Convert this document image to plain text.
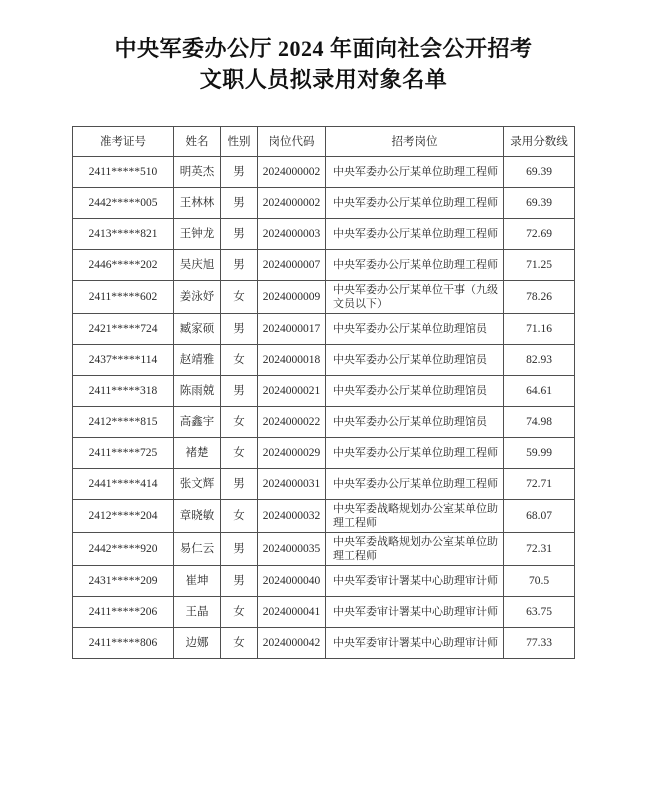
中央军委办公厅 2024 年面向社会公开招考
文职人员拟录用对象名单
准考证号	姓名	性别	岗位代码	招考岗位	录用分数线
2411*****510	明英杰	男	2024000002	中央军委办公厅某单位助理工程师	69.39
2442*****005	王林林	男	2024000002	中央军委办公厅某单位助理工程师	69.39
2413*****821	王钟龙	男	2024000003	中央军委办公厅某单位助理工程师	72.69
2446*****202	吴庆旭	男	2024000007	中央军委办公厅某单位助理工程师	71.25
2411*****602	姜泳妤	女	2024000009	中央军委办公厅某单位干事（九级文员以下）	78.26
2421*****724	臧家硕	男	2024000017	中央军委办公厅某单位助理馆员	71.16
2437*****114	赵靖雅	女	2024000018	中央军委办公厅某单位助理馆员	82.93
2411*****318	陈雨兢	男	2024000021	中央军委办公厅某单位助理馆员	64.61
2412*****815	高鑫宇	女	2024000022	中央军委办公厅某单位助理馆员	74.98
2411*****725	褚楚	女	2024000029	中央军委办公厅某单位助理工程师	59.99
2441*****414	张文辉	男	2024000031	中央军委办公厅某单位助理工程师	72.71
2412*****204	章晓敏	女	2024000032	中央军委战略规划办公室某单位助理工程师	68.07
2442*****920	易仁云	男	2024000035	中央军委战略规划办公室某单位助理工程师	72.31
2431*****209	崔坤	男	2024000040	中央军委审计署某中心助理审计师	70.5
2411*****206	王晶	女	2024000041	中央军委审计署某中心助理审计师	63.75
2411*****806	边娜	女	2024000042	中央军委审计署某中心助理审计师	77.33
